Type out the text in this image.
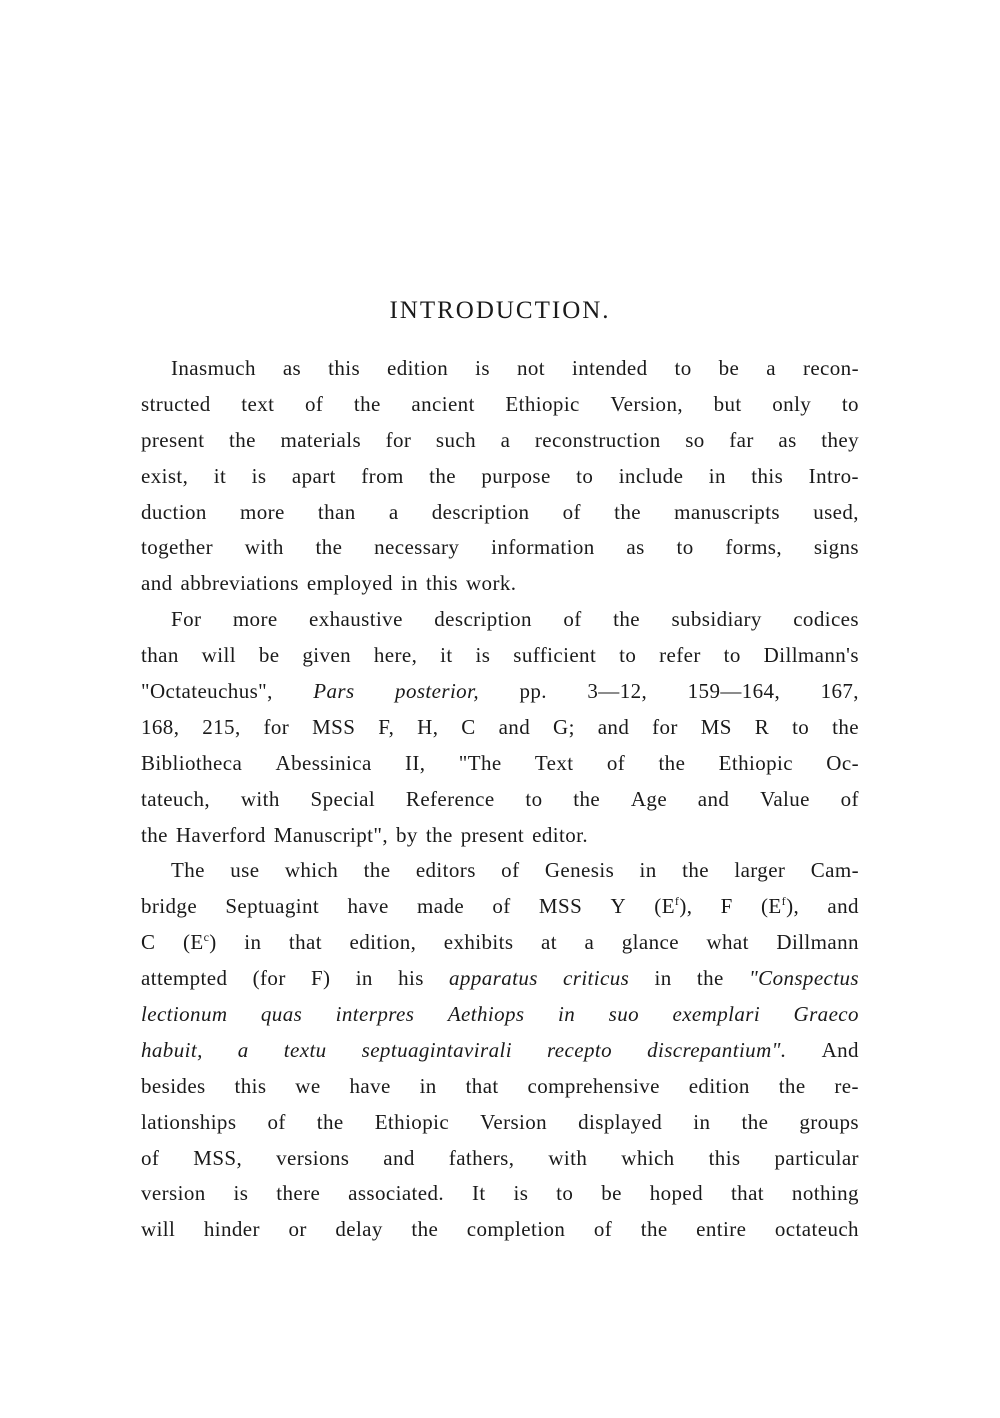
INTRODUCTION.
Inasmuch as this edition is not intended to be a recon-
structed text of the ancient Ethiopic Version, but only to
present the materials for such a reconstruction so far as they
exist, it is apart from the purpose to include in this Intro-
duction more than a description of the manuscripts used,
together with the necessary information as to forms, signs
and abbreviations employed in this work.
For more exhaustive description of the subsidiary codices
than will be given here, it is sufficient to refer to Dillmann's
"Octateuchus", Pars posterior, pp. 3—12, 159—164, 167,
168, 215, for MSS F, H, C and G; and for MS R to the
Bibliotheca Abessinica II, "The Text of the Ethiopic Oc-
tateuch, with Special Reference to the Age and Value of
the Haverford Manuscript", by the present editor.
The use which the editors of Genesis in the larger Cam-
bridge Septuagint have made of MSS Y $(E^f)$, F $(E^f)$, and
C $(E^c)$ in that edition, exhibits at a glance what Dillmann
attempted (for F) in his apparatus criticus in the "Conspectus
lectionum quas interpres Aethiops in suo exemplari Graeco
habuit, a textu septuagintavirali recepto discrepantium". And
besides this we have in that comprehensive edition the re-
lationships of the Ethiopic Version displayed in the groups
of MSS, versions and fathers, with which this particular
version is there associated. It is to be hoped that nothing
will hinder or delay the completion of the entire octateuch
